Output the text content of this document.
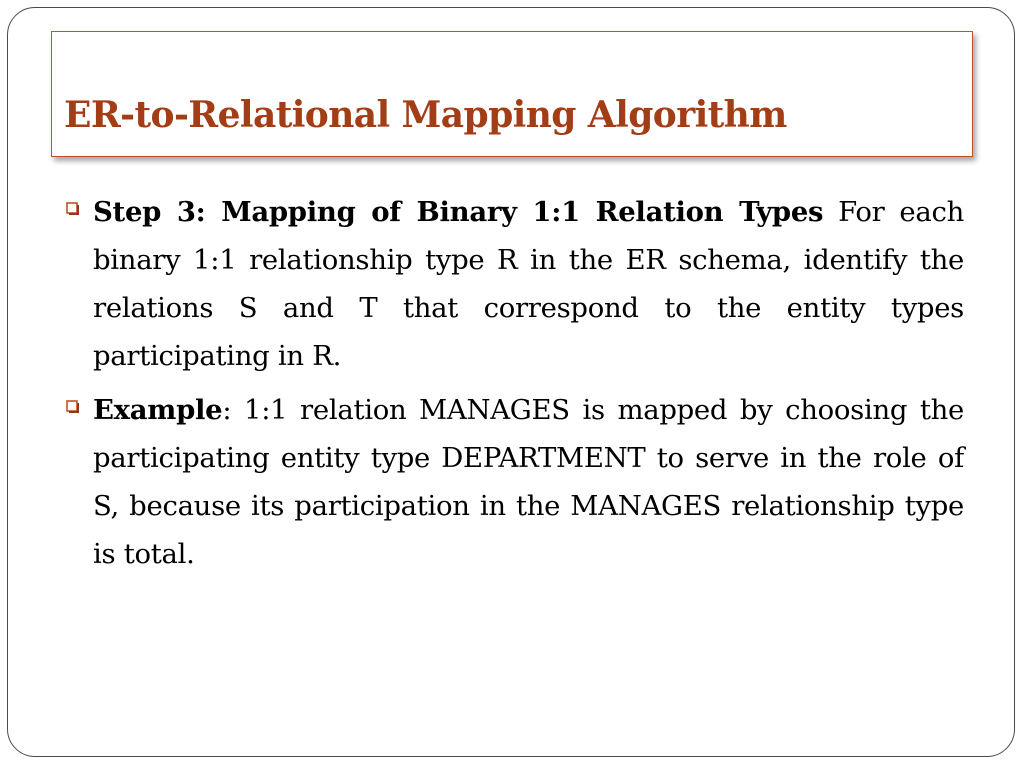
ER-to-Relational Mapping Algorithm

Step 3: Mapping of Binary 1:1 Relation Types For each binary 1:1 relationship type R in the ER schema, identify the relations S and T that correspond to the entity types participating in R.

Example: 1:1 relation MANAGES is mapped by choosing the participating entity type DEPARTMENT to serve in the role of S, because its participation in the MANAGES relationship type is total.
